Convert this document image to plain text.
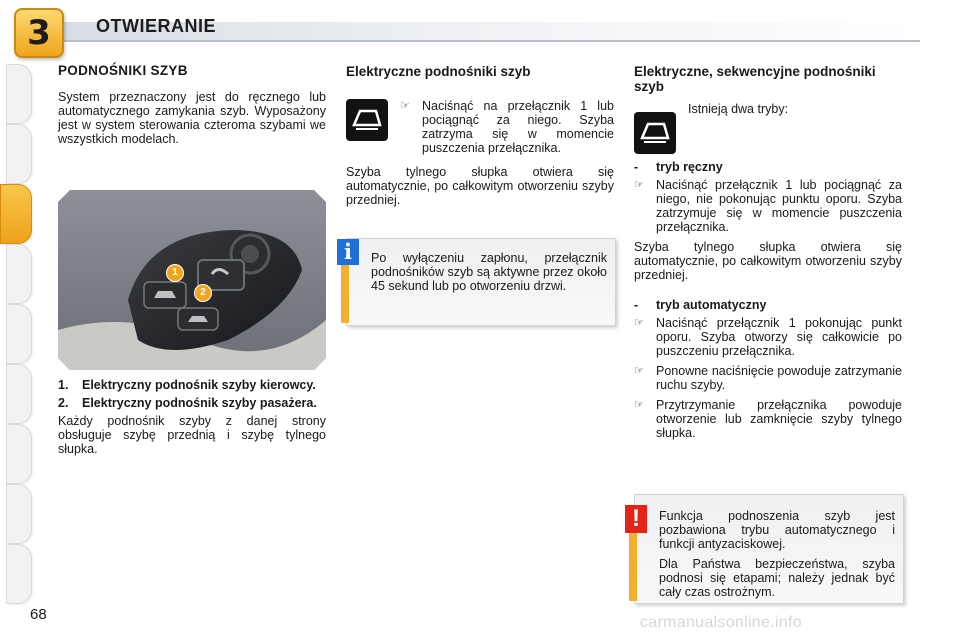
3	OTWIERANIE
PODNOŚNIKI SZYB

System przeznaczony jest do ręcznego lub automatycznego zamykania szyb. Wyposażony jest w system sterowania czteroma szybami we wszystkich modelach.

1
2
1.	Elektryczny podnośnik szyby kierowcy.
2.	Elektryczny podnośnik szyby pasażera.

Każdy podnośnik szyby z danej strony obsługuje szybę przednią i szybę tylnego słupka.

Elektryczne podnośniki szyb
☞ Naciśnąć na przełącznik 1 lub pociągnąć za niego. Szyba zatrzyma się w momencie puszczenia przełącznika.

Szyba tylnego słupka otwiera się automatycznie, po całkowitym otworzeniu szyby przedniej.

i	Po wyłączeniu zapłonu, przełącznik podnośników szyb są aktywne przez około 45 sekund lub po otworzeniu drzwi.
Elektryczne, sekwencyjne podnośniki szyb

Istnieją dwa tryby:

-	tryb ręczny
☞ Naciśnąć przełącznik 1 lub pociągnąć za niego, nie pokonując punktu oporu. Szyba zatrzymuje się w momencie puszczenia przełącznika.

Szyba tylnego słupka otwiera się automatycznie, po całkowitym otworzeniu szyby przedniej.

-	tryb automatyczny
☞ Naciśnąć przełącznik 1 pokonując punkt oporu. Szyba otworzy się całkowicie po puszczeniu przełącznika.
☞ Ponowne naciśnięcie powoduje zatrzymanie ruchu szyby.
☞ Przytrzymanie przełącznika powoduje otworzenie lub zamknięcie szyby tylnego słupka.
!	Funkcja podnoszenia szyb jest pozbawiona trybu automatycznego i funkcji antyzaciskowej.

Dla Państwa bezpieczeństwa, szyba podnosi się etapami; należy jednak być cały czas ostrożnym.

68	carmanualsonline.info
